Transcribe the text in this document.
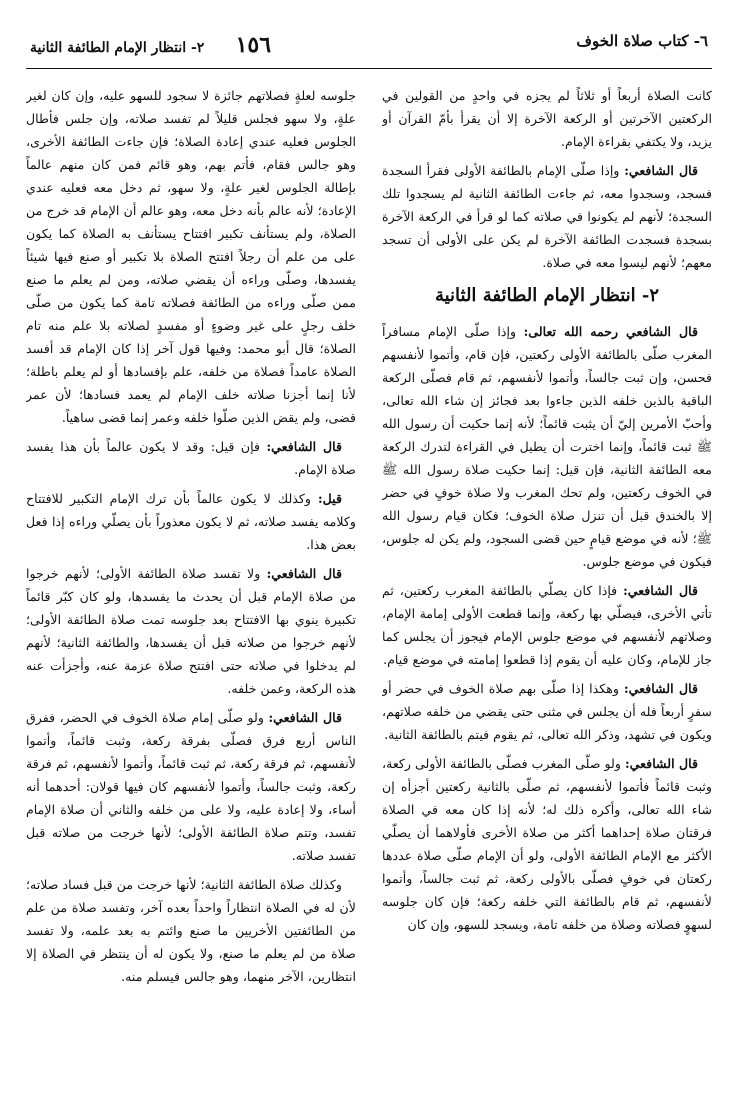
٦- كتاب صلاة الخوف
١٥٦ ٢- انتظار الإمام الطائفة الثانية

كانت الصلاة أربعاً أو ثلاثاً لم يجزه في واحدٍ من القولين في الركعتين الآخرتين أو الركعة الآخرة إلا أن يقرأ بأمّ القرآن أو يزيد، ولا يكتفي بقراءة الإمام.

قال الشافعي: وإذا صلّى الإمام بالطائفة الأولى فقرأ السجدة فسجد، وسجدوا معه، ثم جاءت الطائفة الثانية لم يسجدوا تلك السجدة؛ لأنهم لم يكونوا في صلاته كما لو قرأ في الركعة الآخرة بسجدة فسجدت الطائفة الآخرة لم يكن على الأولى أن تسجد معهم؛ لأنهم ليسوا معه في صلاة.

٢- انتظار الإمام الطائفة الثانية

قال الشافعي رحمه الله تعالى: وإذا صلّى الإمام مسافراً المغرب صلّى بالطائفة الأولى ركعتين، فإن قام، وأتموا لأنفسهم فحسن، وإن ثبت جالساً، وأتموا لأنفسهم، ثم قام فصلّى الركعة الباقية بالذين خلفه الذين جاءوا بعد فجائز إن شاء الله تعالى، وأحبّ الأمرين إليّ أن يثبت قائماً؛ لأنه إنما حكيت أن رسول الله ﷺ ثبت قائماً، وإنما اخترت أن يطيل في القراءة لتدرك الركعة معه الطائفة الثانية، فإن قيل: إنما حكيت صلاة رسول الله ﷺ في الخوف ركعتين، ولم تحك المغرب ولا صلاة خوفٍ في حضر إلا بالخندق قبل أن تنزل صلاة الخوف؛ فكان قيام رسول الله ﷺ؛ لأنه في موضع قيامٍ حين قضى السجود، ولم يكن له جلوس، فيكون في موضع جلوس.

قال الشافعي: فإذا كان يصلّي بالطائفة المغرب ركعتين، ثم تأتي الأخرى، فيصلّي بها ركعة، وإنما قطعت الأولى إمامة الإمام، وصلاتهم لأنفسهم في موضع جلوس الإمام فيجوز أن يجلس كما جاز للإمام، وكان عليه أن يقوم إذا قطعوا إمامته في موضع قيام.

قال الشافعي: وهكذا إذا صلّى بهم صلاة الخوف في حضر أو سفرٍ أربعاً فله أن يجلس في مثنى حتى يقضي من خلفه صلاتهم، ويكون في تشهد، وذكر الله تعالى، ثم يقوم فيتم بالطائفة الثانية.

قال الشافعي: ولو صلّى المغرب فصلّى بالطائفة الأولى ركعة، وثبت قائماً فأتموا لأنفسهم، ثم صلّى بالثانية ركعتين أجزأه إن شاء الله تعالى، وأكره ذلك له؛ لأنه إذا كان معه في الصلاة فرقتان صلاة إحداهما أكثر من صلاة الأخرى فأولاهما أن يصلّي الأكثر مع الإمام الطائفة الأولى، ولو أن الإمام صلّى صلاة عددها ركعتان في خوفٍ فصلّى بالأولى ركعة، ثم ثبت جالساً، وأتموا لأنفسهم، ثم قام بالطائفة التي خلفه ركعة؛ فإن كان جلوسه لسهوٍ فصلاته وصلاة من خلفه تامة، ويسجد للسهو، وإن كان

جلوسه لعلةٍ فصلاتهم جائزة لا سجود للسهو عليه، وإن كان لغير علةٍ، ولا سهو فجلس قليلاً لم تفسد صلاته، وإن جلس فأطال الجلوس فعليه عندي إعادة الصلاة؛ فإن جاءت الطائفة الأخرى، وهو جالس فقام، فأتم بهم، وهو قائم فمن كان منهم عالماً بإطالة الجلوس لغير علةٍ، ولا سهو، ثم دخل معه فعليه عندي الإعادة؛ لأنه عالم بأنه دخل معه، وهو عالم أن الإمام قد خرج من الصلاة، ولم يستأنف تكبير افتتاح يستأنف به الصلاة كما يكون على من علم أن رجلاً افتتح الصلاة بلا تكبير أو صنع فيها شيئاً يفسدها، وصلّى وراءه أن يقضي صلاته، ومن لم يعلم ما صنع ممن صلّى وراءه من الطائفة فصلاته تامة كما يكون من صلّى خلف رجلٍ على غير وضوءٍ أو مفسدٍ لصلاته بلا علم منه تام الصلاة؛ قال أبو محمد: وفيها قول آخر إذا كان الإمام قد أفسد الصلاة عامداً فصلاة من خلفه، علم بإفسادها أو لم يعلم باطلة؛ لأنا إنما أجزنا صلاته خلف الإمام لم يعمد فسادها؛ لأن عمر قضى، ولم يقض الذين صلّوا خلفه وعمر إنما قضى ساهياً.

قال الشافعي: فإن قيل: وقد لا يكون عالماً بأن هذا يفسد صلاة الإمام.

قيل: وكذلك لا يكون عالماً بأن ترك الإمام التكبير للافتتاح وكلامه يفسد صلاته، ثم لا يكون معذوراً بأن يصلّي وراءه إذا فعل بعض هذا.

قال الشافعي: ولا تفسد صلاة الطائفة الأولى؛ لأنهم خرجوا من صلاة الإمام قبل أن يحدث ما يفسدها، ولو كان كبّر قائماً تكبيرة ينوي بها الافتتاح بعد جلوسه تمت صلاة الطائفة الأولى؛ لأنهم خرجوا من صلاته قبل أن يفسدها، والطائفة الثانية؛ لأنهم لم يدخلوا في صلاته حتى افتتح صلاة عزمة عنه، وأجزأت عنه هذه الركعة، وعمن خلفه.

قال الشافعي: ولو صلّى إمام صلاة الخوف في الحضر، ففرق الناس أربع فرق فصلّى بفرقة ركعة، وثبت قائماً، وأتموا لأنفسهم، ثم فرقة ركعة، ثم ثبت قائماً، وأتموا لأنفسهم، ثم فرقة ركعة، وثبت جالساً، وأتموا لأنفسهم كان فيها قولان: أحدهما أنه أساء، ولا إعادة عليه، ولا على من خلفه والثاني أن صلاة الإمام تفسد، وتتم صلاة الطائفة الأولى؛ لأنها خرجت من صلاته قبل تفسد صلاته.

وكذلك صلاة الطائفة الثانية؛ لأنها خرجت من قبل فساد صلاته؛ لأن له في الصلاة انتظاراً واحداً بعده آخر، وتفسد صلاة من علم من الطائفتين الأخريين ما صنع وائتم به بعد علمه، ولا تفسد صلاة من لم يعلم ما صنع، ولا يكون له أن ينتظر في الصلاة إلا انتظارين، الآخر منهما، وهو جالس فيسلم منه.
